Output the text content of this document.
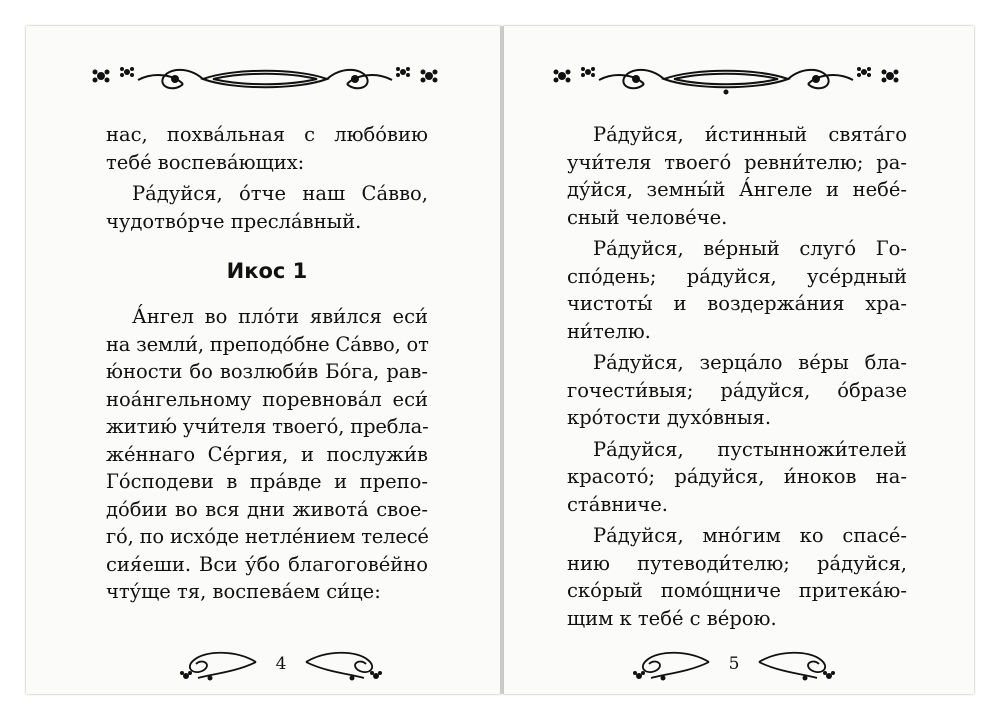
нас, похва́льная с любо́вию
тебе́ воспева́ющих:

Ра́дуйся, о́тче наш Са́вво,
чудотво́рче пресла́вный.

Икос 1

А́нгел во пло́ти яви́лся еси́
на земли́, преподо́бне Са́вво, от
ю́ности бо возлюби́в Бо́га, рав-
ноа́нгельному поревнова́л еси́
житию́ учи́теля твоего́, пребла-
же́ннаго Се́ргия, и послужи́в
Го́сподеви в пра́вде и препо-
до́бии во вся дни живота́ свое-
го́, по исхо́де нетле́нием телесе́
сия́еши. Вси у́бо благогове́йно
чту́ще тя, воспева́ем си́це:

4

Ра́дуйся, и́стинный свята́го
учи́теля твоего́ ревни́телю; ра-
ду́йся, земны́й А́нгеле и небе́-
сный челове́че.

Ра́дуйся, ве́рный слуго́ Го-
спо́день; ра́дуйся, усе́рдный
чистоты́ и воздержа́ния хра-
ни́телю.

Ра́дуйся, зерца́ло ве́ры бла-
гочести́выя; ра́дуйся, о́бразе
кро́тости духо́вныя.

Ра́дуйся, пустынножи́телей
красото́; ра́дуйся, и́ноков на-
ста́вниче.

Ра́дуйся, мно́гим ко спасе́-
нию путеводи́телю; ра́дуйся,
ско́рый помо́щниче притека́ю-
щим к тебе́ с ве́рою.

5
